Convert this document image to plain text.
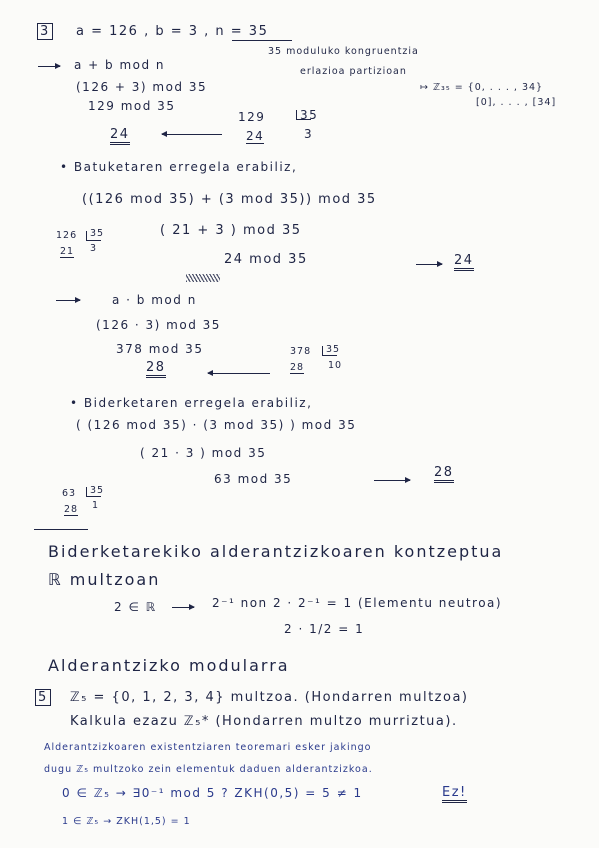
3 a = 126 , b = 3 , n = 35
35 moduluko kongruentzia
erlazioa partizioan
↦ ℤ₃₅ = {0, . . . , 34}
[0], . . . , [34]
a + b mod n
(126 + 3) mod 35
129 mod 35
24
129	35
24	3
• Batuketaren erregela erabiliz,
((126 mod 35) + (3 mod 35)) mod 35
126 35
21 3
( 21 + 3 ) mod 35
24 mod 35	24
a · b mod n
(126 · 3) mod 35
378 mod 35
28
378 35
28	10
• Biderketaren erregela erabiliz,
( (126 mod 35) · (3 mod 35) ) mod 35
( 21 · 3 ) mod 35
63 mod 35	28
63 35
28 1
Biderketarekiko alderantzizkoaren kontzeptua
ℝ multzoan
2 ∈ ℝ	2⁻¹ non 2 · 2⁻¹ = 1 (Elementu neutroa)
2 · 1/2 = 1
Alderantzizko modularra
5 ℤ₅ = {0, 1, 2, 3, 4} multzoa. (Hondarren multzoa)
Kalkula ezazu ℤ₅* (Hondarren multzo murriztua).
Alderantzizkoaren existentziaren teoremari esker jakingo
dugu ℤ₅ multzoko zein elementuk daduen alderantzizkoa.
0 ∈ ℤ₅ → ∃0⁻¹ mod 5 ? ZKH(0,5) = 5 ≠ 1	Ez!
1 ∈ ℤ₅ → ZKH(1,5) = 1
